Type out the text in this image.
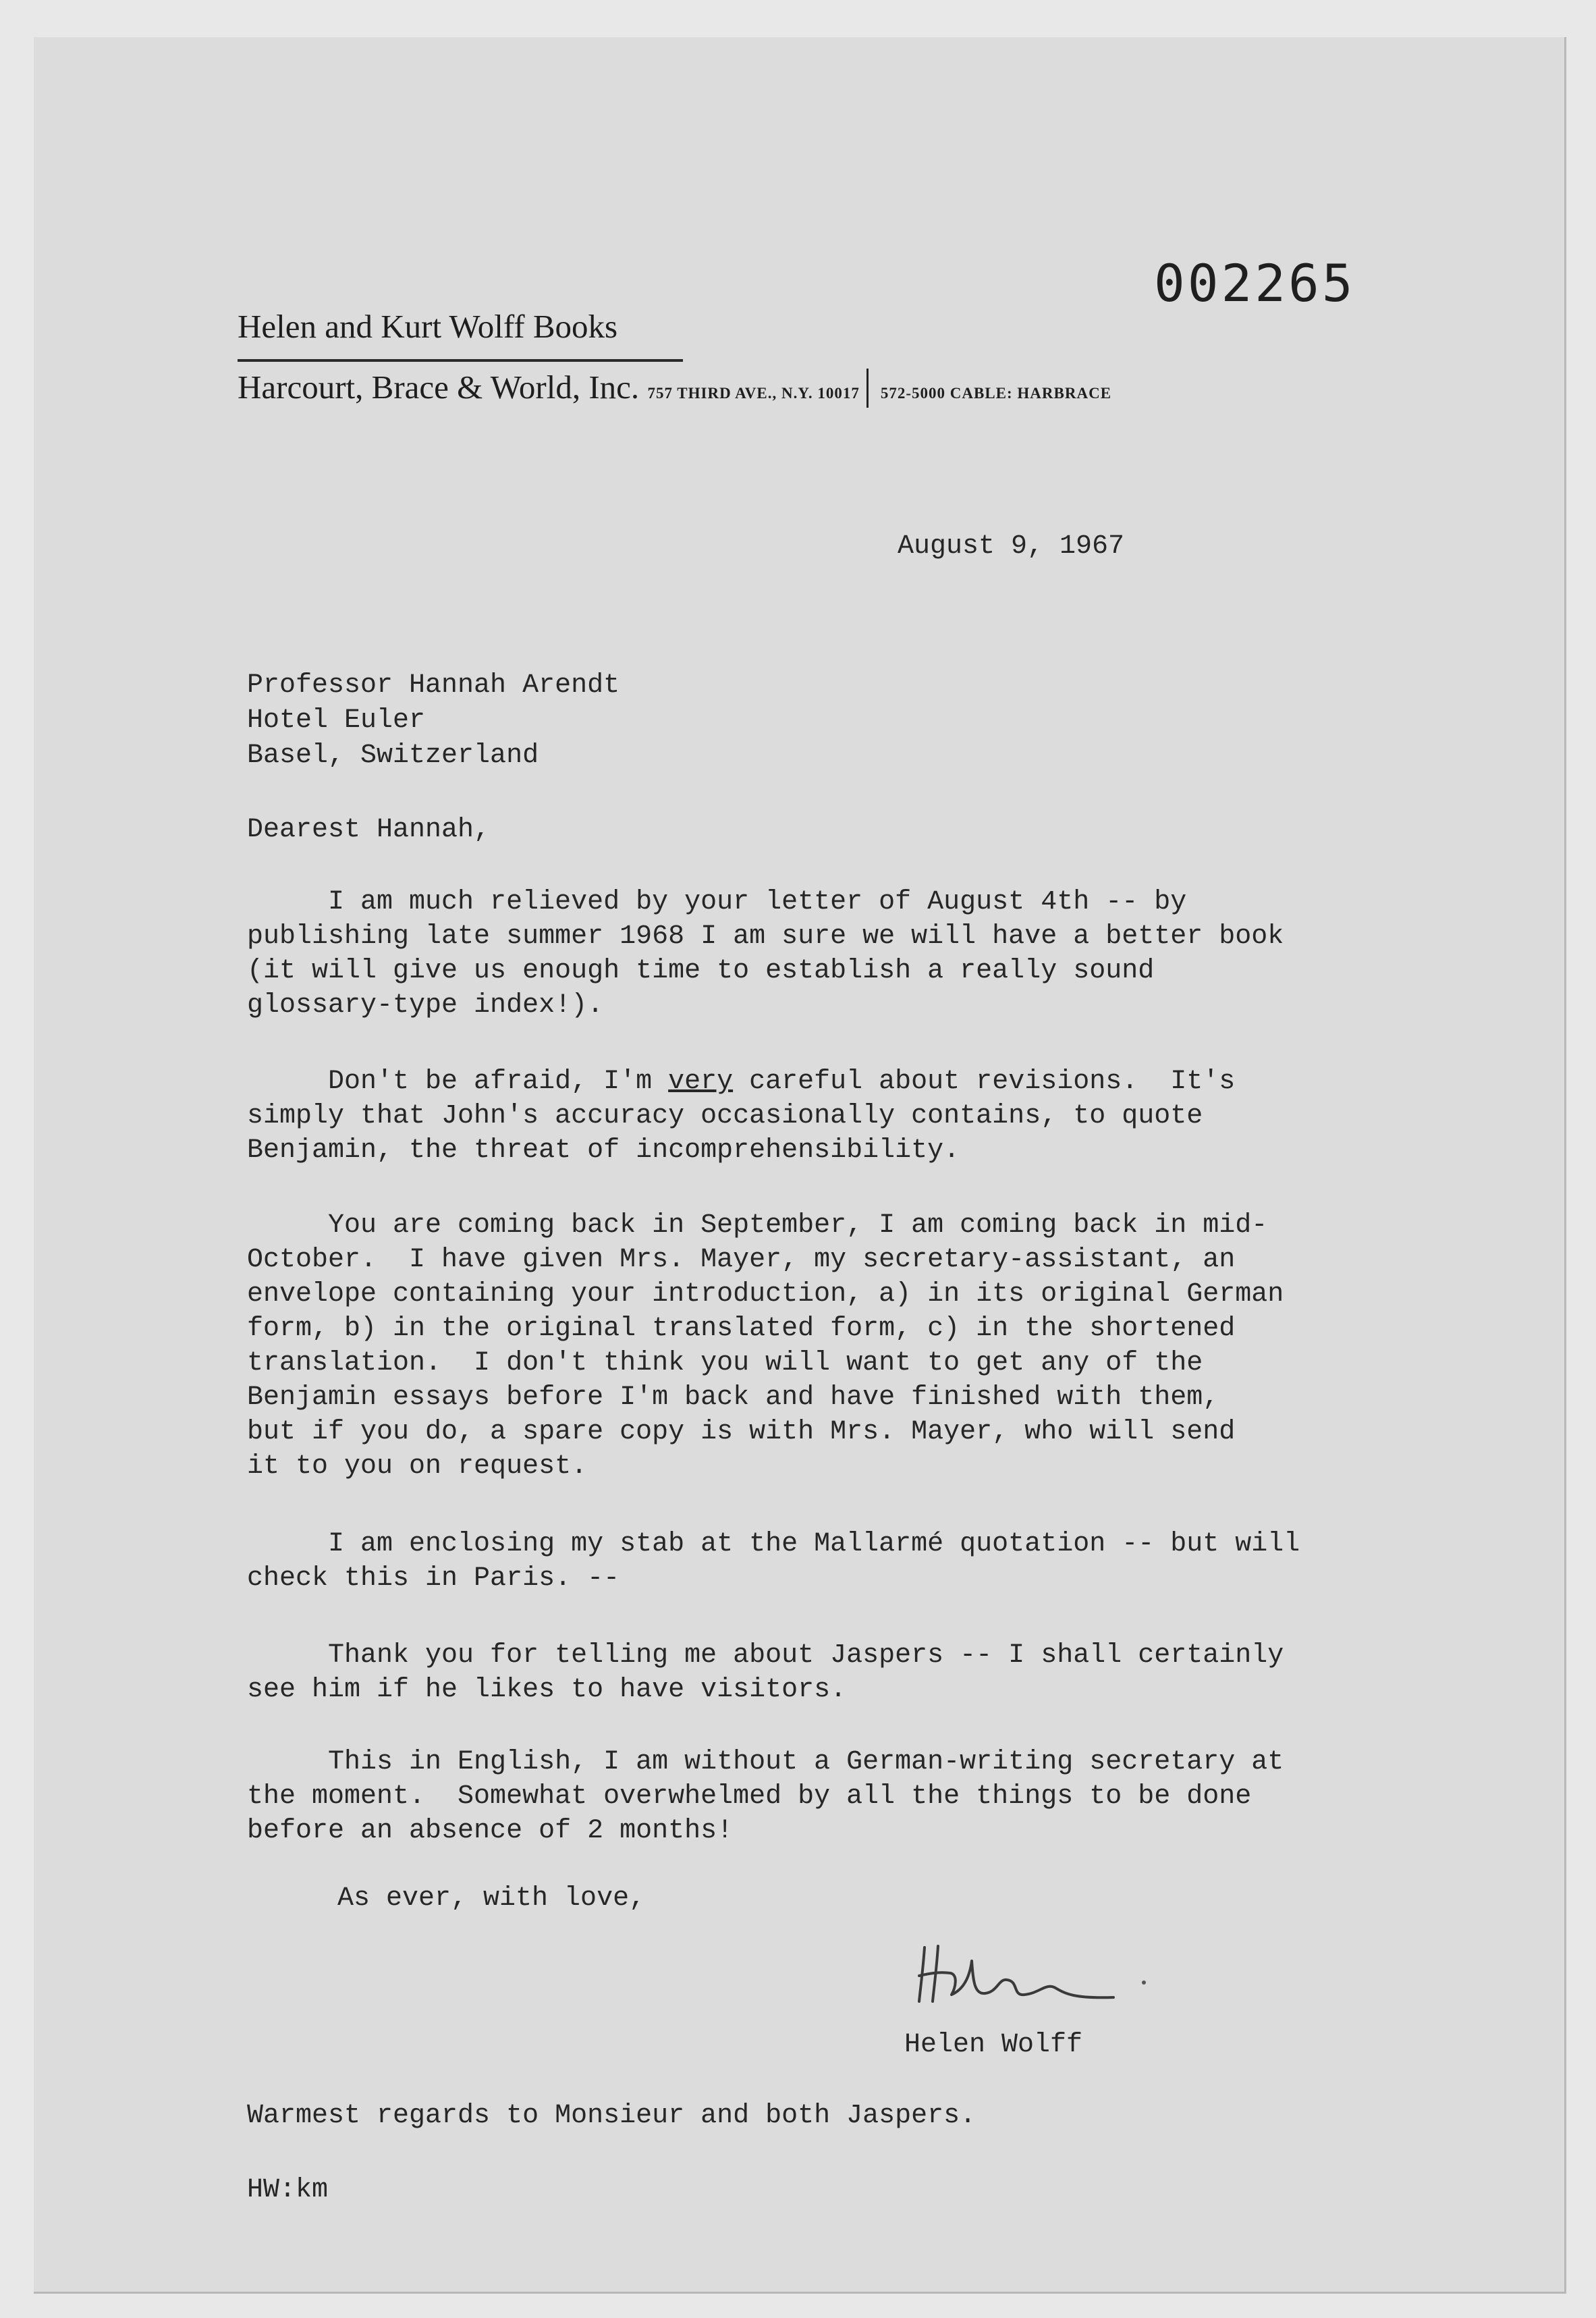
002265
Helen and Kurt Wolff Books
Harcourt, Brace & World, Inc. 757 THIRD AVE., N.Y. 10017 572-5000 CABLE: HARBRACE
August 9, 1967
Professor Hannah Arendt
Hotel Euler
Basel, Switzerland
Dearest Hannah,
I am much relieved by your letter of August 4th -- by
publishing late summer 1968 I am sure we will have a better book
(it will give us enough time to establish a really sound
glossary-type index!).
Don't be afraid, I'm very careful about revisions.  It's
simply that John's accuracy occasionally contains, to quote
Benjamin, the threat of incomprehensibility.
You are coming back in September, I am coming back in mid-
October.  I have given Mrs. Mayer, my secretary-assistant, an
envelope containing your introduction, a) in its original German
form, b) in the original translated form, c) in the shortened
translation.  I don't think you will want to get any of the
Benjamin essays before I'm back and have finished with them,
but if you do, a spare copy is with Mrs. Mayer, who will send
it to you on request.
I am enclosing my stab at the Mallarmé quotation -- but will
check this in Paris. --
Thank you for telling me about Jaspers -- I shall certainly
see him if he likes to have visitors.
This in English, I am without a German-writing secretary at
the moment.  Somewhat overwhelmed by all the things to be done
before an absence of 2 months!
As ever, with love,
Helen Wolff
Warmest regards to Monsieur and both Jaspers.
HW:km
